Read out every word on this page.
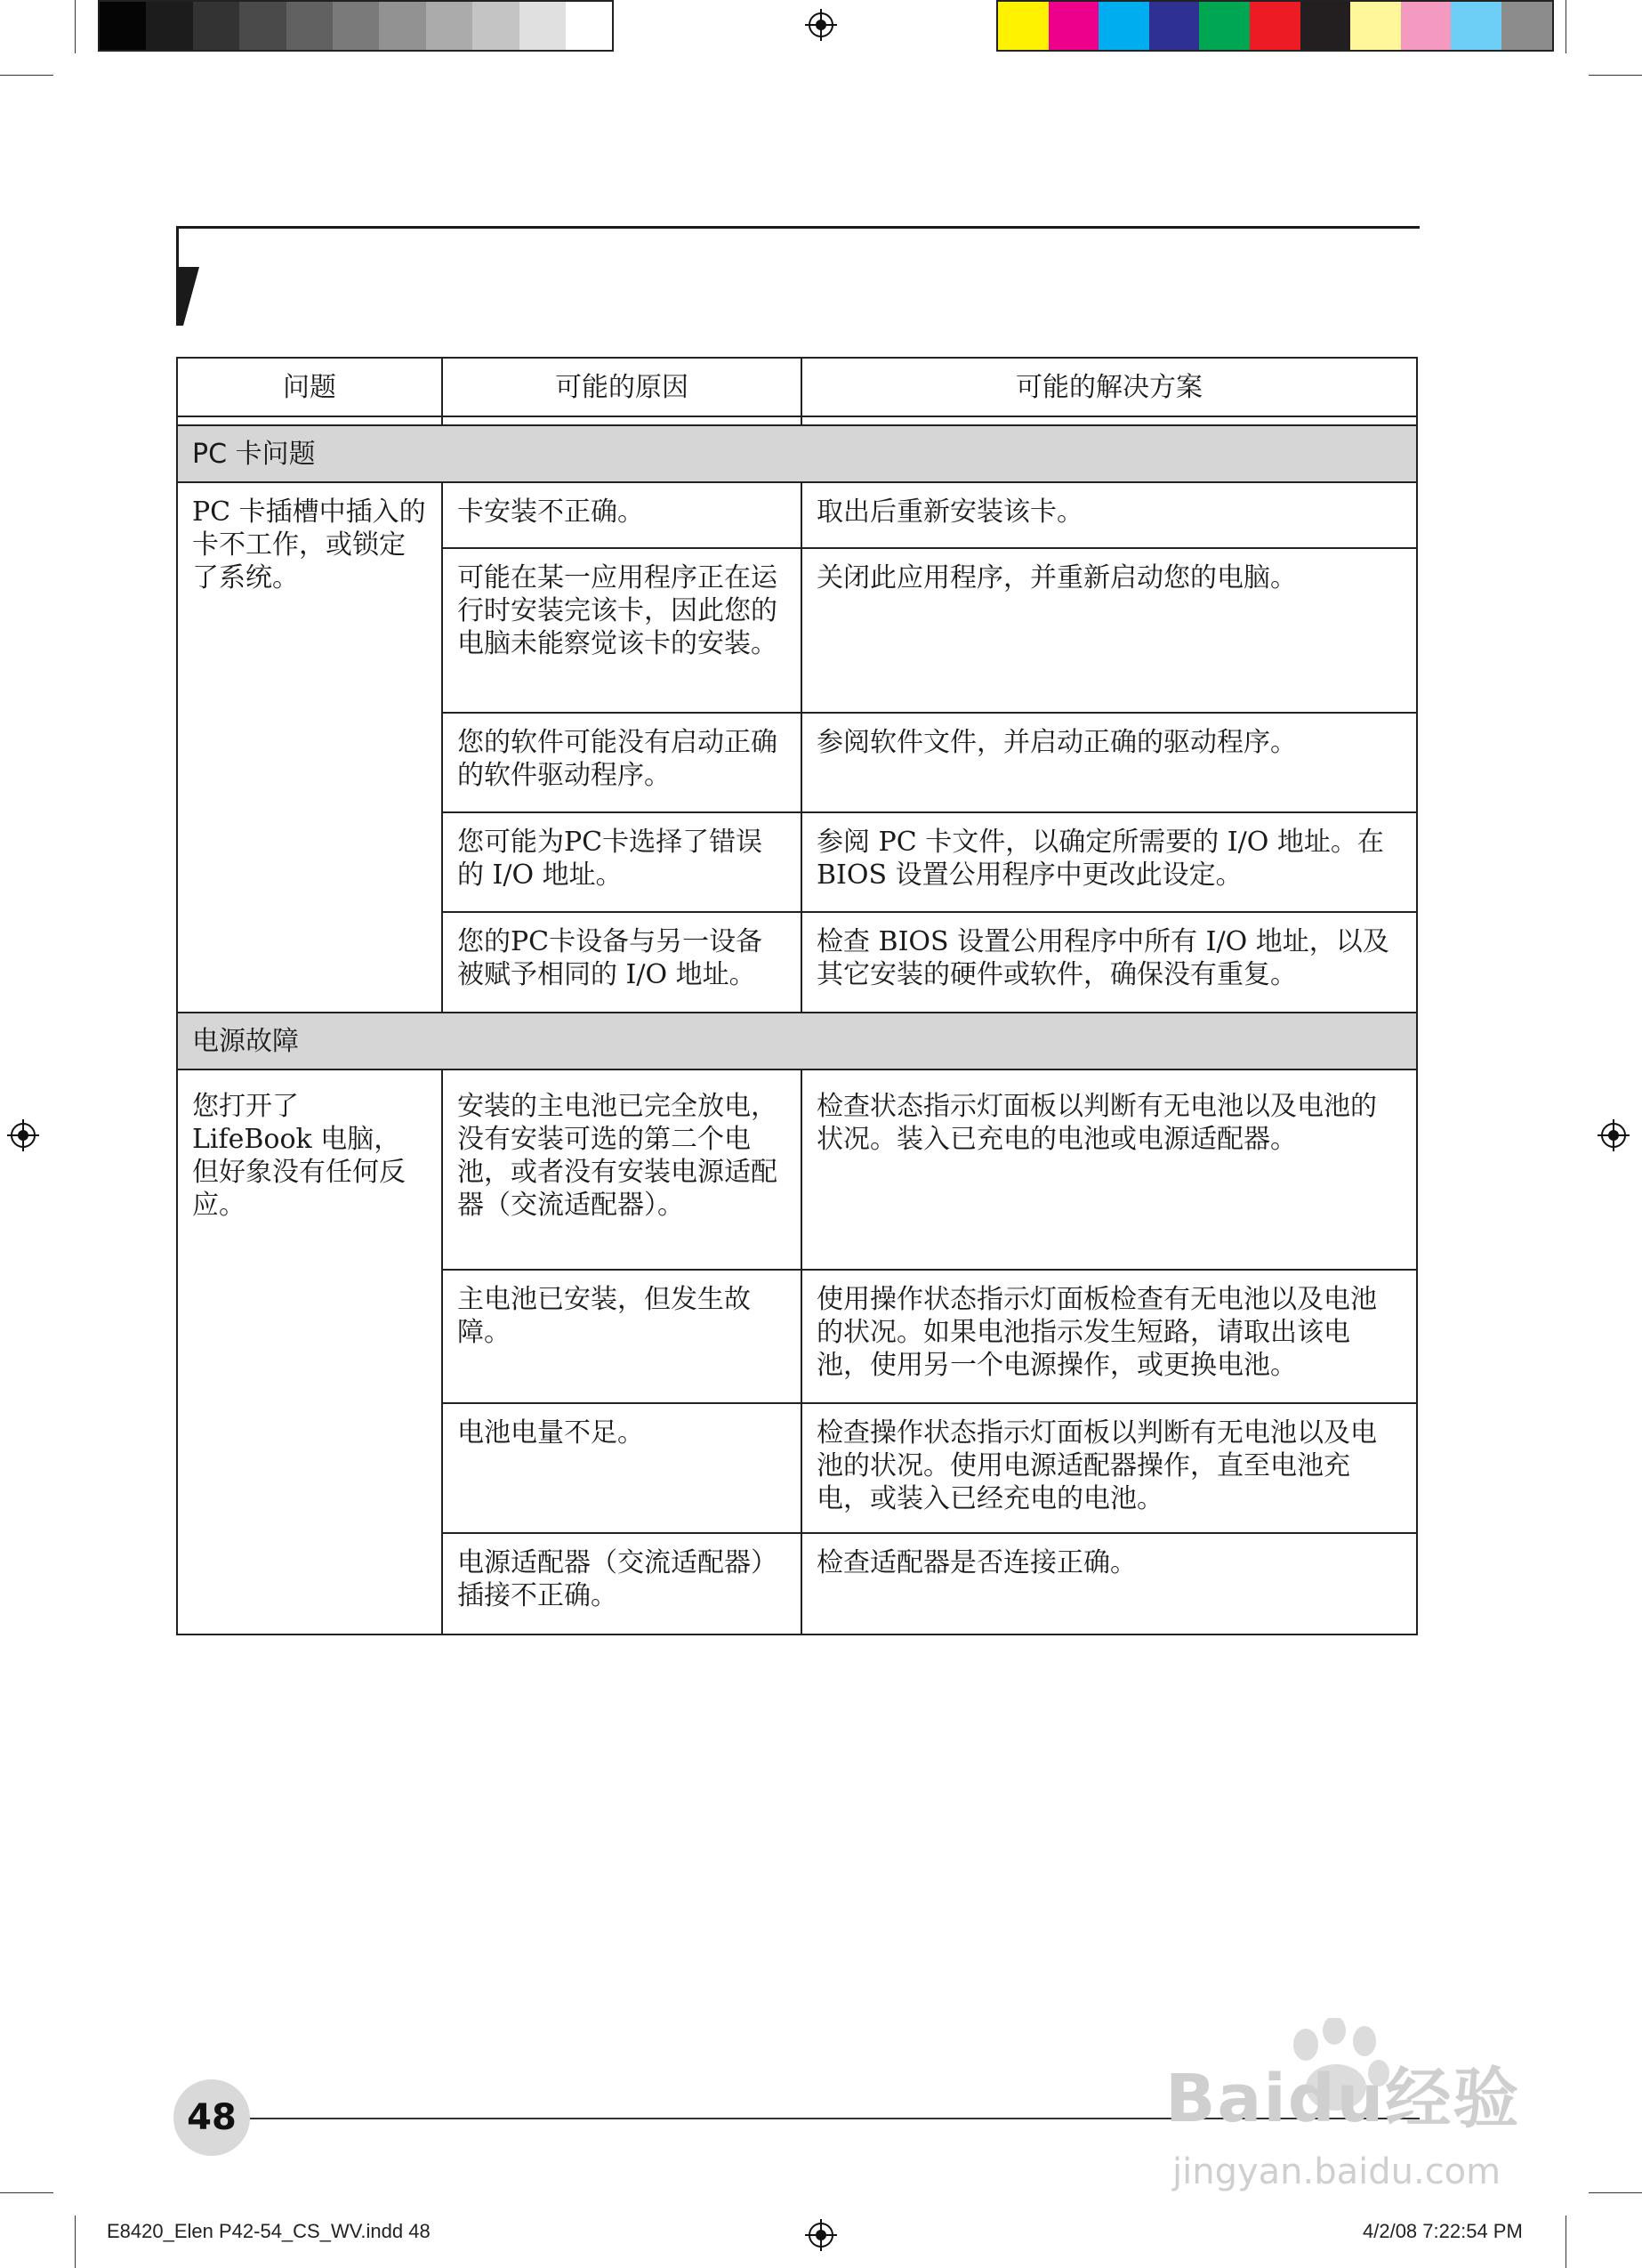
问题	可能的原因	可能的解决方案

PC 卡问题		
PC 卡插槽中插入的卡不工作，或锁定了系统。	卡安装不正确。	取出后重新安装该卡。
	可能在某一应用程序正在运行时安装完该卡，因此您的电脑未能察觉该卡的安装。	关闭此应用程序，并重新启动您的电脑。
	您的软件可能没有启动正确的软件驱动程序。	参阅软件文件，并启动正确的驱动程序。
	您可能为PC卡选择了错误的 I/O 地址。	参阅 PC 卡文件，以确定所需要的 I/O 地址。在 BIOS 设置公用程序中更改此设定。
	您的PC卡设备与另一设备被赋予相同的 I/O 地址。	检查 BIOS 设置公用程序中所有 I/O 地址，以及其它安装的硬件或软件，确保没有重复。
电源故障		
您打开了 LifeBook 电脑，但好象没有任何反应。	安装的主电池已完全放电，没有安装可选的第二个电池，或者没有安装电源适配器（交流适配器）。	检查状态指示灯面板以判断有无电池以及电池的状况。装入已充电的电池或电源适配器。
	主电池已安装，但发生故障。	使用操作状态指示灯面板检查有无电池以及电池的状况。如果电池指示发生短路，请取出该电池，使用另一个电源操作，或更换电池。
	电池电量不足。	检查操作状态指示灯面板以判断有无电池以及电池的状况。使用电源适配器操作，直至电池充电，或装入已经充电的电池。
	电源适配器（交流适配器）插接不正确。	检查适配器是否连接正确。
48	Baidu经验
jingyan.baidu.com
E8420_Elen P42-54_CS_WV.indd 48	4/2/08 7:22:54 PM
